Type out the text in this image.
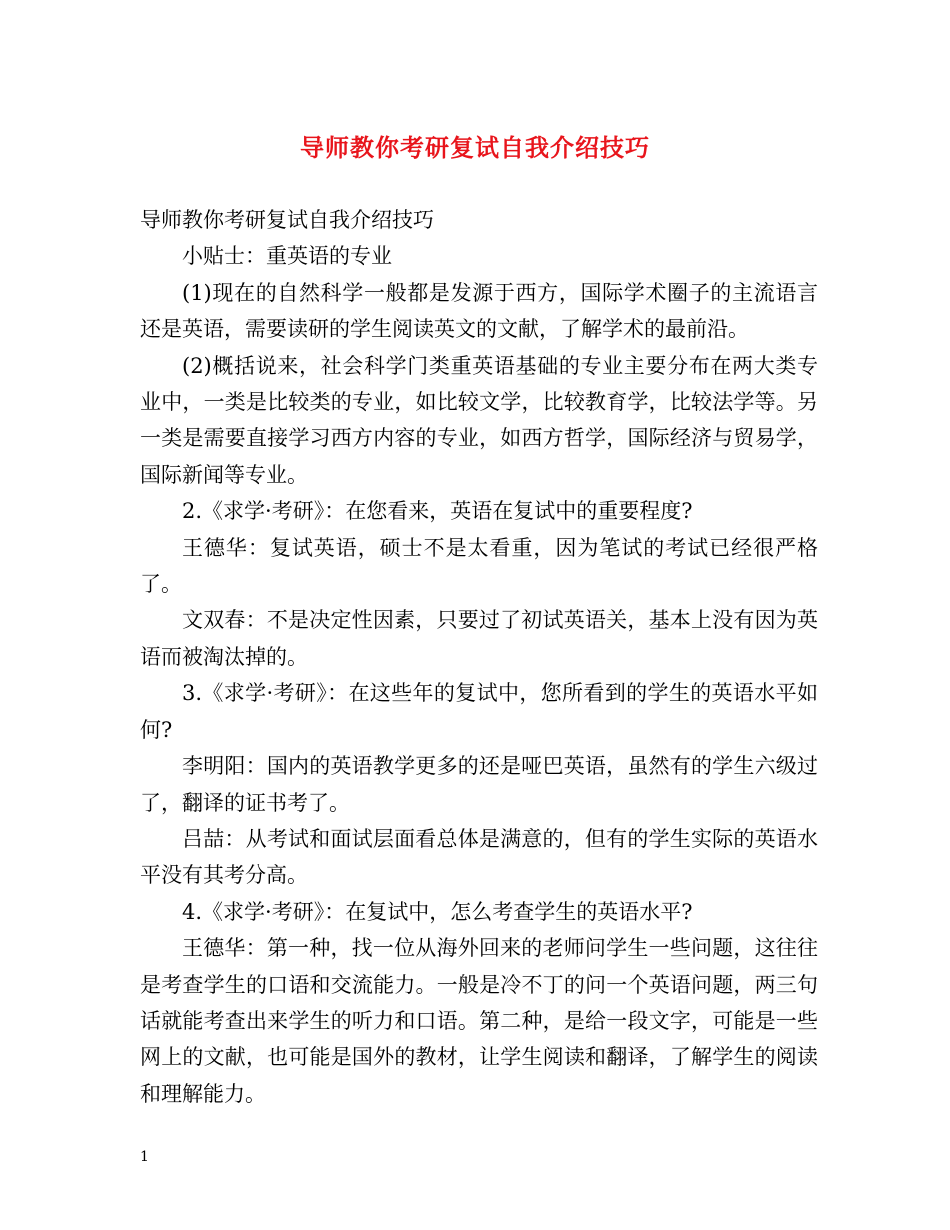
导师教你考研复试自我介绍技巧

导师教你考研复试自我介绍技巧

小贴士：重英语的专业

(1)现在的自然科学一般都是发源于西方，国际学术圈子的主流语言还是英语，需要读研的学生阅读英文的文献，了解学术的最前沿。

(2)概括说来，社会科学门类重英语基础的专业主要分布在两大类专业中，一类是比较类的专业，如比较文学，比较教育学，比较法学等。另一类是需要直接学习西方内容的专业，如西方哲学，国际经济与贸易学，国际新闻等专业。

2.《求学·考研》：在您看来，英语在复试中的重要程度?

王德华：复试英语，硕士不是太看重，因为笔试的考试已经很严格了。

文双春：不是决定性因素，只要过了初试英语关，基本上没有因为英语而被淘汰掉的。

3.《求学·考研》：在这些年的复试中，您所看到的学生的英语水平如何?

李明阳：国内的英语教学更多的还是哑巴英语，虽然有的学生六级过了，翻译的证书考了。

吕喆：从考试和面试层面看总体是满意的，但有的学生实际的英语水平没有其考分高。

4.《求学·考研》：在复试中，怎么考查学生的英语水平?

王德华：第一种，找一位从海外回来的老师问学生一些问题，这往往是考查学生的口语和交流能力。一般是冷不丁的问一个英语问题，两三句话就能考查出来学生的听力和口语。第二种，是给一段文字，可能是一些网上的文献，也可能是国外的教材，让学生阅读和翻译，了解学生的阅读和理解能力。

1
